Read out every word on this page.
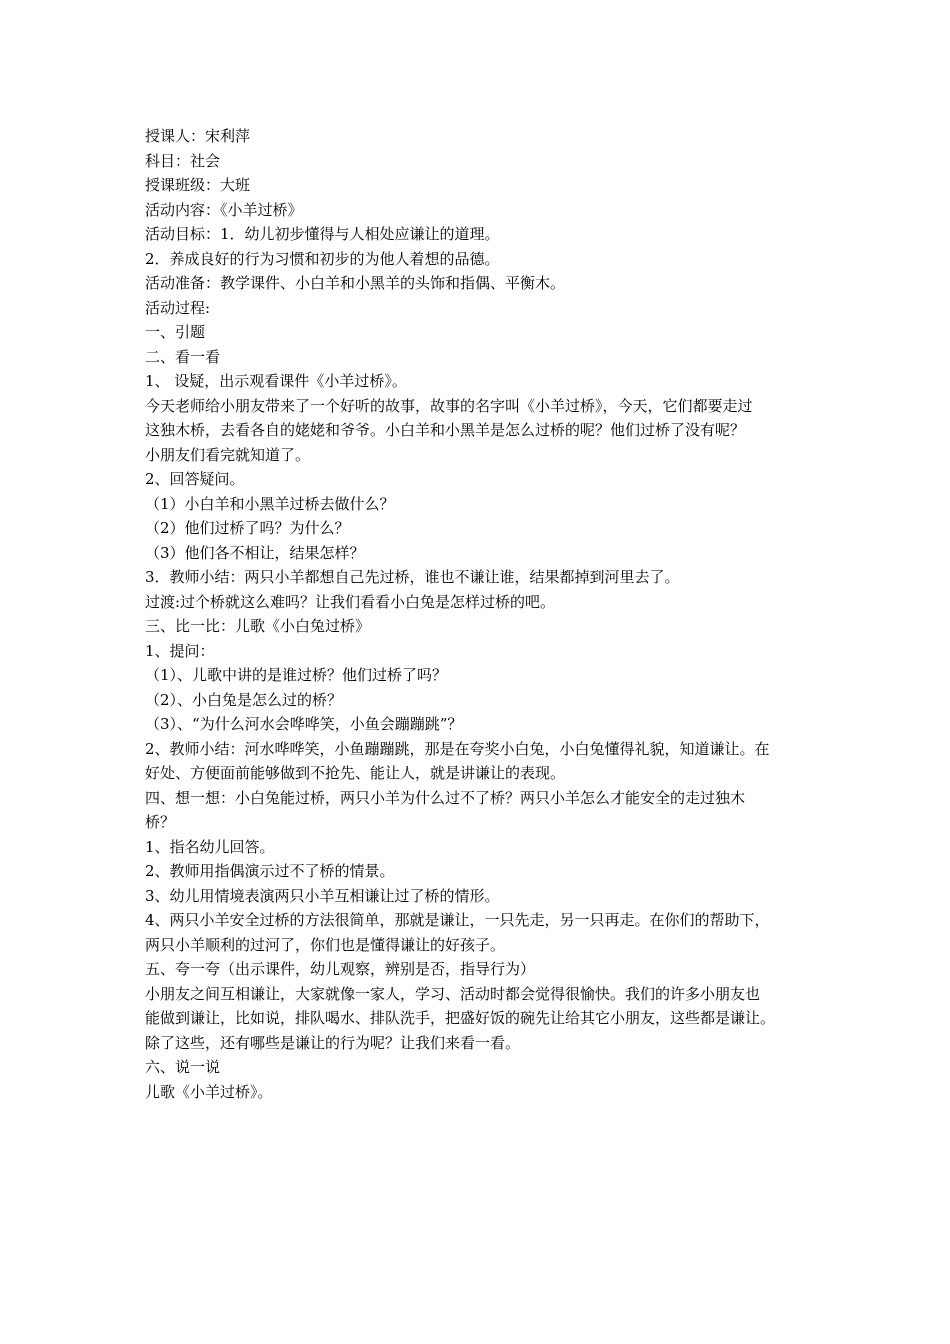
授课人：宋利萍

科目：社会

授课班级：大班

活动内容：《小羊过桥》

活动目标：1．幼儿初步懂得与人相处应谦让的道理。

2．养成良好的行为习惯和初步的为他人着想的品德。

活动准备：教学课件、小白羊和小黑羊的头饰和指偶、平衡木。

活动过程:

一、引题

二、看一看

1、 设疑，出示观看课件《小羊过桥》。

今天老师给小朋友带来了一个好听的故事，故事的名字叫《小羊过桥》，今天，它们都要走过

这独木桥，去看各自的姥姥和爷爷。小白羊和小黑羊是怎么过桥的呢？他们过桥了没有呢？

小朋友们看完就知道了。

2、回答疑问。

（1）小白羊和小黑羊过桥去做什么？

（2）他们过桥了吗？为什么？

（3）他们各不相让，结果怎样？

3．教师小结：两只小羊都想自己先过桥，谁也不谦让谁，结果都掉到河里去了。

过渡:过个桥就这么难吗？让我们看看小白兔是怎样过桥的吧。

三、比一比：儿歌《小白兔过桥》

1、提问：

（1）、儿歌中讲的是谁过桥？他们过桥了吗？

（2）、小白兔是怎么过的桥？

（3）、“为什么河水会哗哗笑，小鱼会蹦蹦跳”？

2、教师小结：河水哗哗笑，小鱼蹦蹦跳，那是在夸奖小白兔，小白兔懂得礼貌，知道谦让。在

好处、方便面前能够做到不抢先、能让人，就是讲谦让的表现。

四、想一想：小白兔能过桥，两只小羊为什么过不了桥？两只小羊怎么才能安全的走过独木

桥？

1、指名幼儿回答。

2、教师用指偶演示过不了桥的情景。

3、幼儿用情境表演两只小羊互相谦让过了桥的情形。

4、两只小羊安全过桥的方法很简单，那就是谦让，一只先走，另一只再走。在你们的帮助下，

两只小羊顺利的过河了，你们也是懂得谦让的好孩子。

五、夸一夸（出示课件，幼儿观察，辨别是否，指导行为）

小朋友之间互相谦让，大家就像一家人，学习、活动时都会觉得很愉快。我们的许多小朋友也

能做到谦让，比如说，排队喝水、排队洗手，把盛好饭的碗先让给其它小朋友，这些都是谦让。

除了这些，还有哪些是谦让的行为呢？让我们来看一看。

六、说一说

儿歌《小羊过桥》。
